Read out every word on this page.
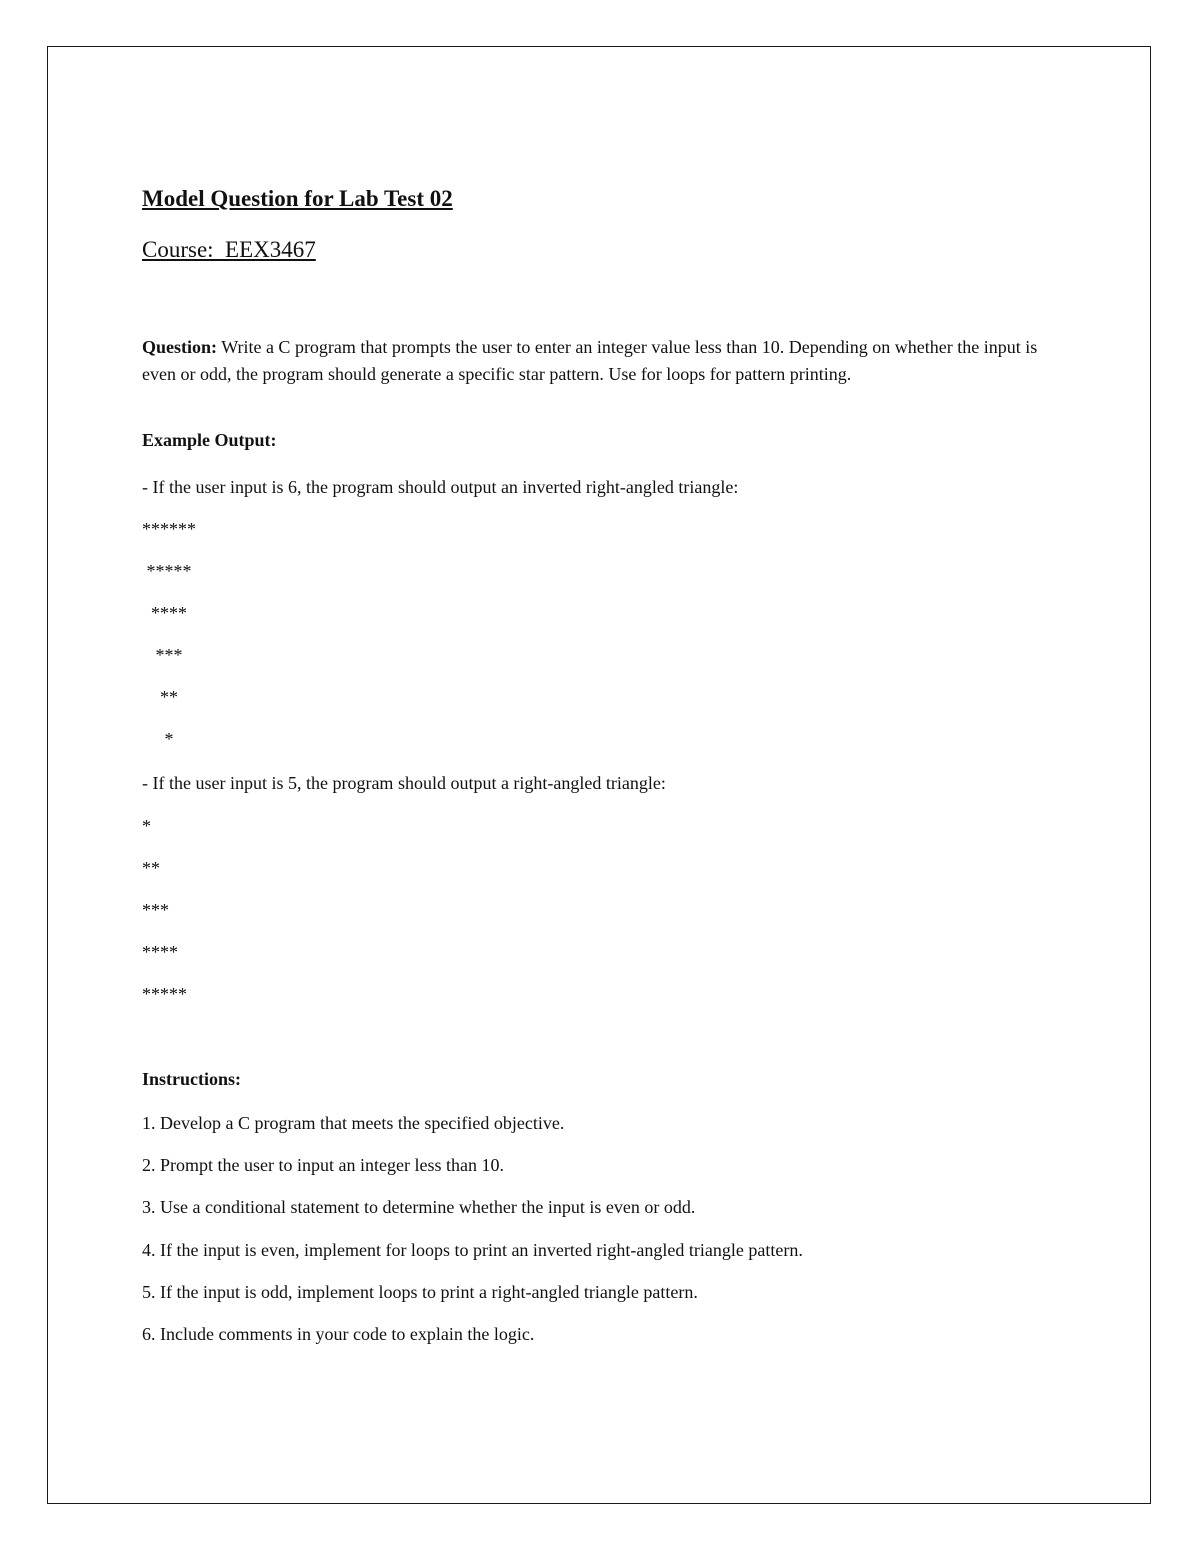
Model Question for Lab Test 02
Course:  EEX3467

Question: Write a C program that prompts the user to enter an integer value less than 10. Depending on whether the input is even or odd, the program should generate a specific star pattern. Use for loops for pattern printing.

Example Output:

- If the user input is 6, the program should output an inverted right-angled triangle:

******

*****

****

***

**

*

- If the user input is 5, the program should output a right-angled triangle:

*

**

***

****

*****

Instructions:

1. Develop a C program that meets the specified objective.

2. Prompt the user to input an integer less than 10.

3. Use a conditional statement to determine whether the input is even or odd.

4. If the input is even, implement for loops to print an inverted right-angled triangle pattern.

5. If the input is odd, implement loops to print a right-angled triangle pattern.

6. Include comments in your code to explain the logic.
